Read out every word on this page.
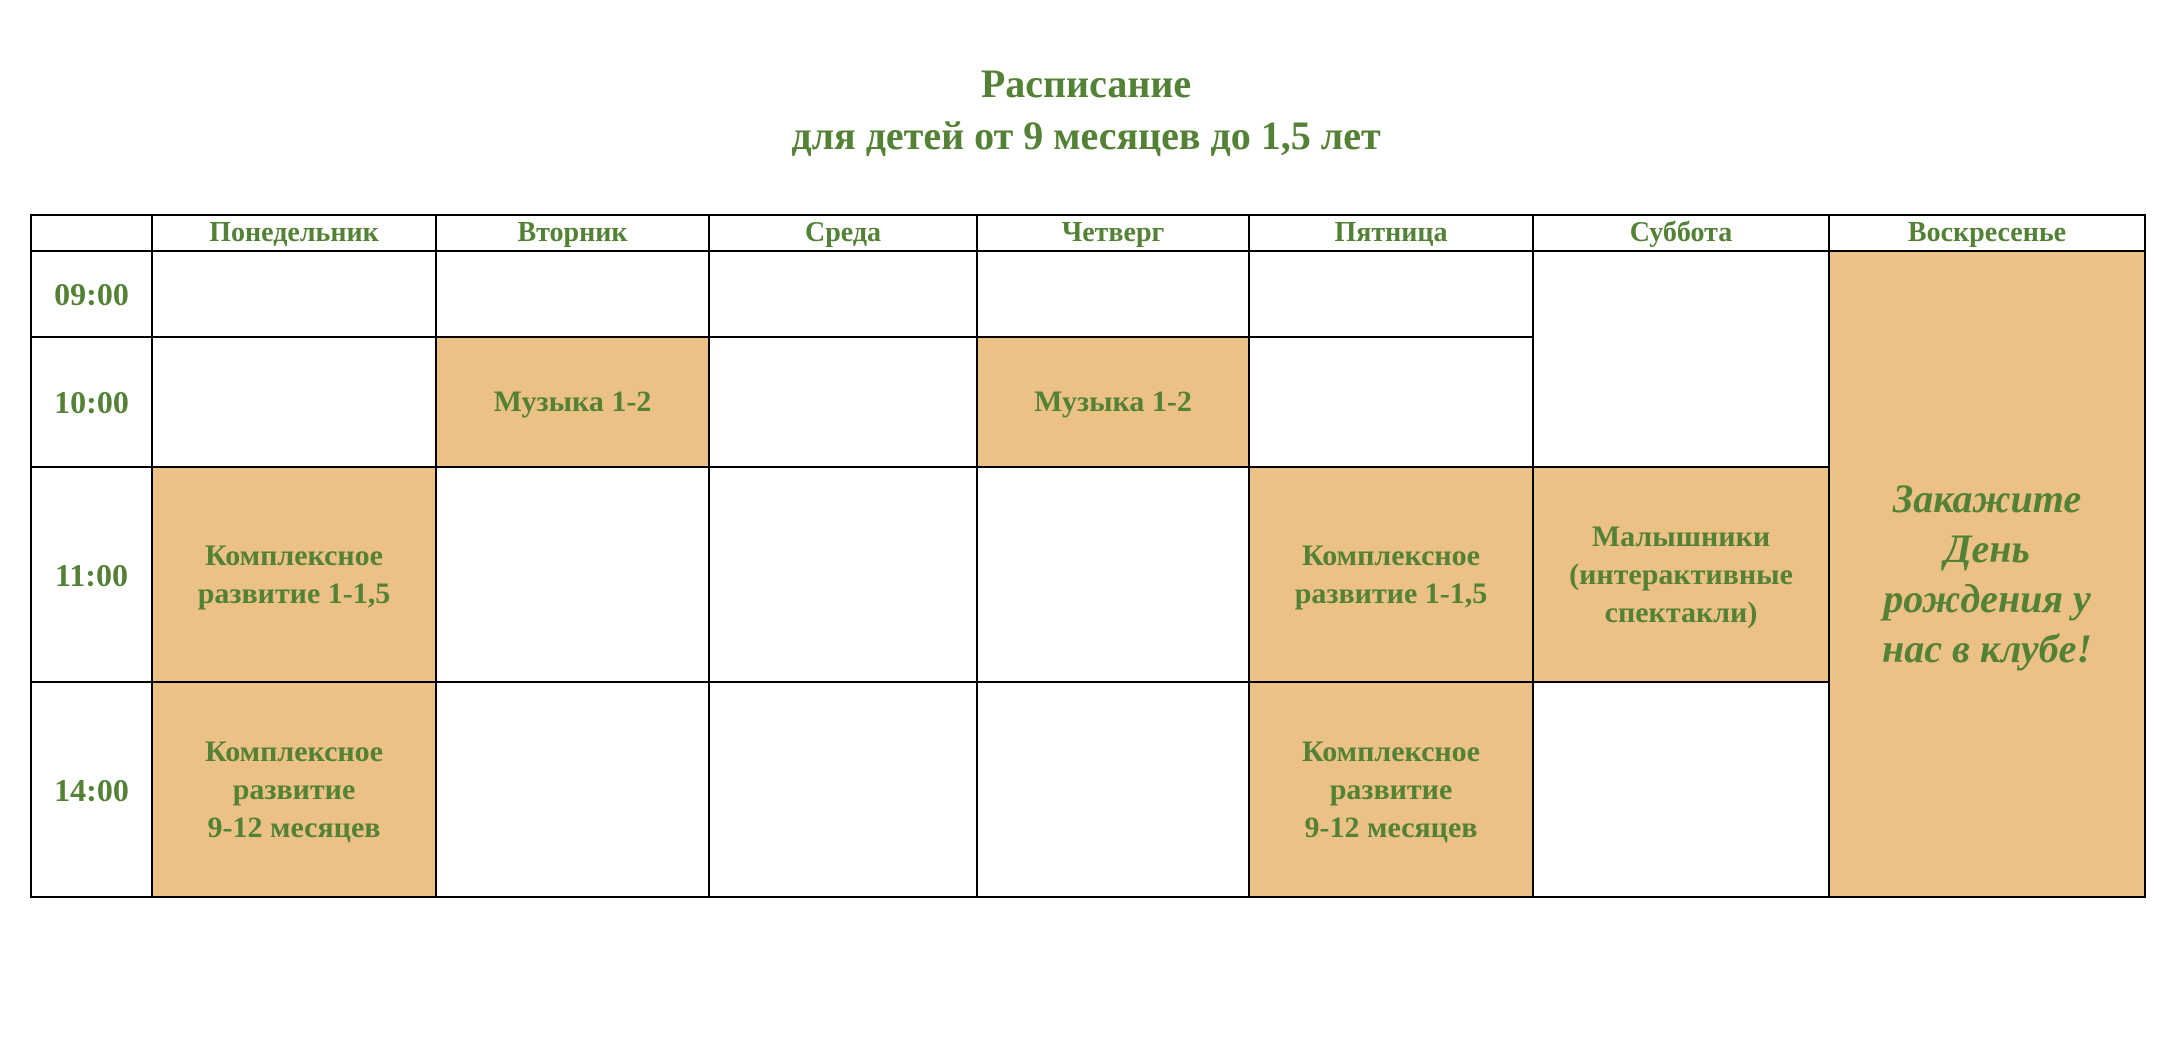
Расписание
для детей от 9 месяцев до 1,5 лет
	Понедельник	Вторник	Среда	Четверг	Пятница	Суббота	Воскресенье
09:00							Закажите
День
рождения у
нас в клубе!

10:00		Музыка 1-2		Музыка 1-2			
11:00	Комплексное
развитие 1-1,5				Комплексное
развитие 1-1,5	Малышники
(интерактивные
спектакли)	

14:00	Комплексное
развитие
9-12 месяцев				Комплексное
развитие
9-12 месяцев		
